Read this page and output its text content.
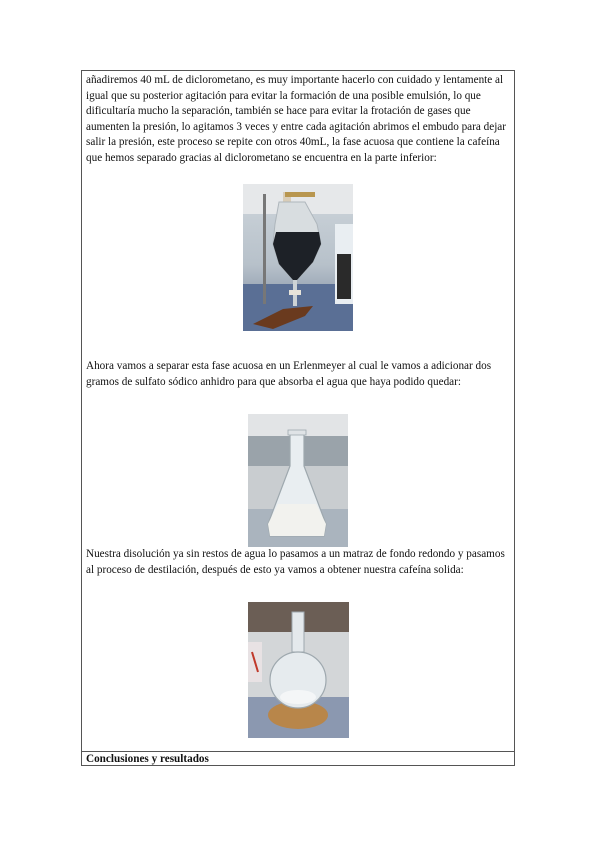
añadiremos 40 mL de diclorometano, es muy importante hacerlo con cuidado y lentamente al igual que su posterior agitación para evitar la formación de una posible emulsión, lo que dificultaría mucho la separación, también se hace para evitar la frotación de gases que aumenten la presión, lo agitamos 3 veces y entre cada agitación abrimos el embudo para dejar salir la presión, este proceso se repite con otros 40mL, la fase acuosa que contiene la cafeína que hemos separado gracias al diclorometano se encuentra en la parte inferior:

Ahora vamos a separar esta fase acuosa en un Erlenmeyer al cual le vamos a adicionar dos gramos de sulfato sódico anhidro para que absorba el agua que haya podido quedar:

Nuestra disolución ya sin restos de agua lo pasamos a un matraz de fondo redondo y pasamos al proceso de destilación, después de esto ya vamos a obtener nuestra cafeína solida:

Conclusiones y resultados
